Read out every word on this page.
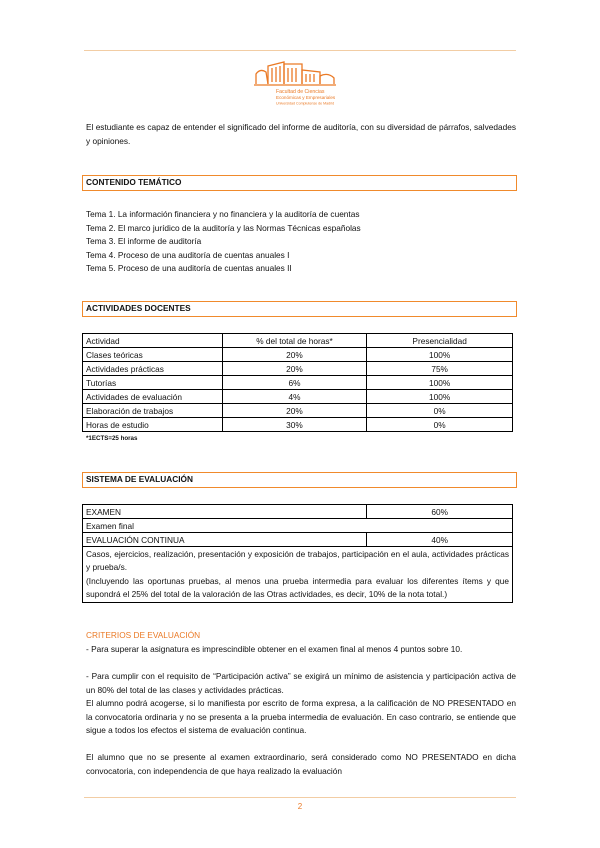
Facultad de Ciencias
Económicas y Empresariales
Universidad Complutense de Madrid
El estudiante es capaz de entender el significado del informe de auditoría, con su diversidad de párrafos, salvedades y opiniones.
CONTENIDO TEMÁTICO
Tema 1. La información financiera y no financiera y la auditoría de cuentas
Tema 2. El marco jurídico de la auditoría y las Normas Técnicas españolas
Tema 3. El informe de auditoría
Tema 4. Proceso de una auditoría de cuentas anuales I
Tema 5. Proceso de una auditoría de cuentas anuales II
ACTIVIDADES DOCENTES
Actividad	% del total de horas*	Presencialidad
Clases teóricas	20%	100%
Actividades prácticas	20%	75%
Tutorías	6%	100%
Actividades de evaluación	4%	100%
Elaboración de trabajos	20%	0%
Horas de estudio	30%	0%
*1ECTS=25 horas
SISTEMA DE EVALUACIÓN
EXAMEN	60%
Examen final	
EVALUACIÓN CONTINUA	40%

Casos, ejercicios, realización, presentación y exposición de trabajos, participación en el aula, actividades prácticas y prueba/s.
(Incluyendo las oportunas pruebas, al menos una prueba intermedia para evaluar los diferentes ítems y que supondrá el 25% del total de la valoración de las Otras actividades, es decir, 10% de la nota total.)	
CRITERIOS DE EVALUACIÓN
- Para superar la asignatura es imprescindible obtener en el examen final al menos 4 puntos sobre 10.
- Para cumplir con el requisito de “Participación activa” se exigirá un mínimo de asistencia y participación activa de un 80% del total de las clases y actividades prácticas.
El alumno podrá acogerse, si lo manifiesta por escrito de forma expresa, a la calificación de NO PRESENTADO en la convocatoria ordinaria y no se presenta a la prueba intermedia de evaluación. En caso contrario, se entiende que sigue a todos los efectos el sistema de evaluación continua.
El alumno que no se presente al examen extraordinario, será considerado como NO PRESENTADO en dicha convocatoria, con independencia de que haya realizado la evaluación
2
